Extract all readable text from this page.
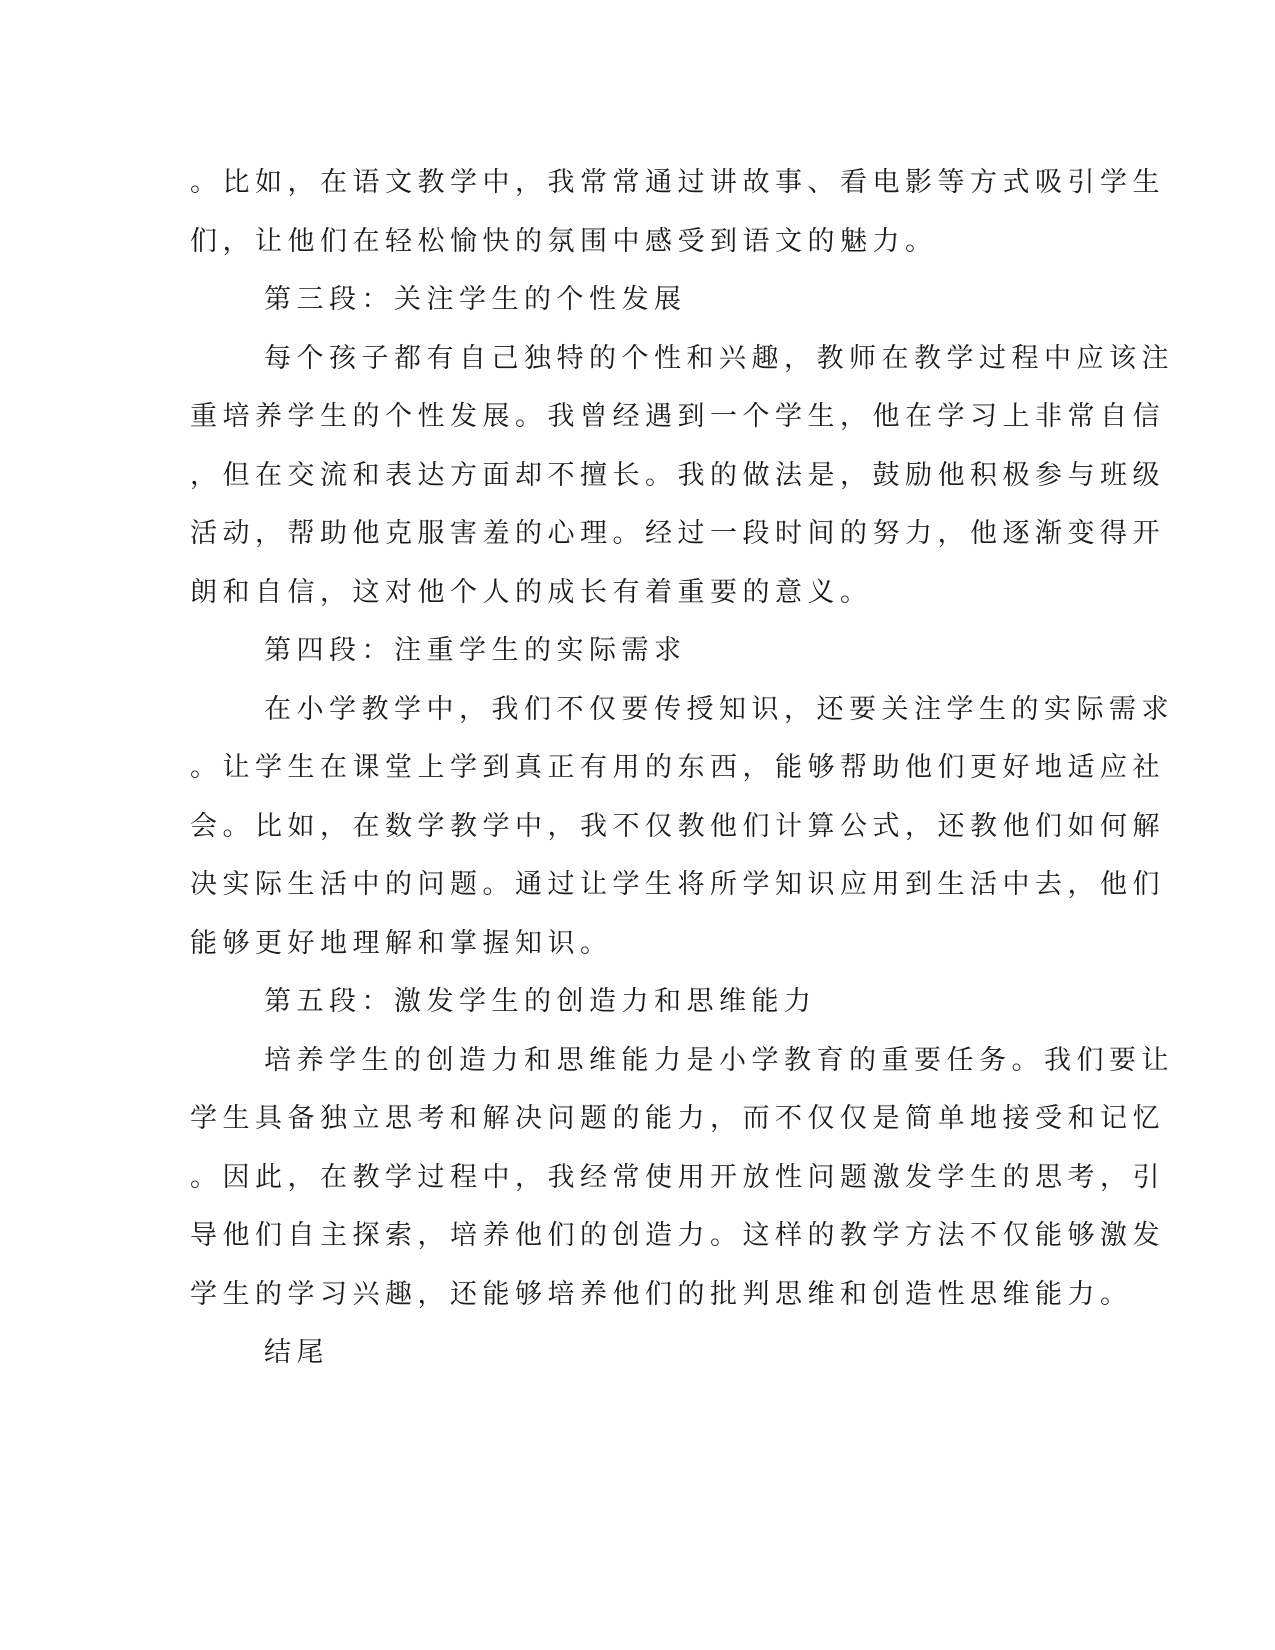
。比如，在语文教学中，我常常通过讲故事、看电影等方式吸引学生
们，让他们在轻松愉快的氛围中感受到语文的魅力。
第三段：关注学生的个性发展
每个孩子都有自己独特的个性和兴趣，教师在教学过程中应该注
重培养学生的个性发展。我曾经遇到一个学生，他在学习上非常自信
，但在交流和表达方面却不擅长。我的做法是，鼓励他积极参与班级
活动，帮助他克服害羞的心理。经过一段时间的努力，他逐渐变得开
朗和自信，这对他个人的成长有着重要的意义。
第四段：注重学生的实际需求
在小学教学中，我们不仅要传授知识，还要关注学生的实际需求
。让学生在课堂上学到真正有用的东西，能够帮助他们更好地适应社
会。比如，在数学教学中，我不仅教他们计算公式，还教他们如何解
决实际生活中的问题。通过让学生将所学知识应用到生活中去，他们
能够更好地理解和掌握知识。
第五段：激发学生的创造力和思维能力
培养学生的创造力和思维能力是小学教育的重要任务。我们要让
学生具备独立思考和解决问题的能力，而不仅仅是简单地接受和记忆
。因此，在教学过程中，我经常使用开放性问题激发学生的思考，引
导他们自主探索，培养他们的创造力。这样的教学方法不仅能够激发
学生的学习兴趣，还能够培养他们的批判思维和创造性思维能力。
结尾
